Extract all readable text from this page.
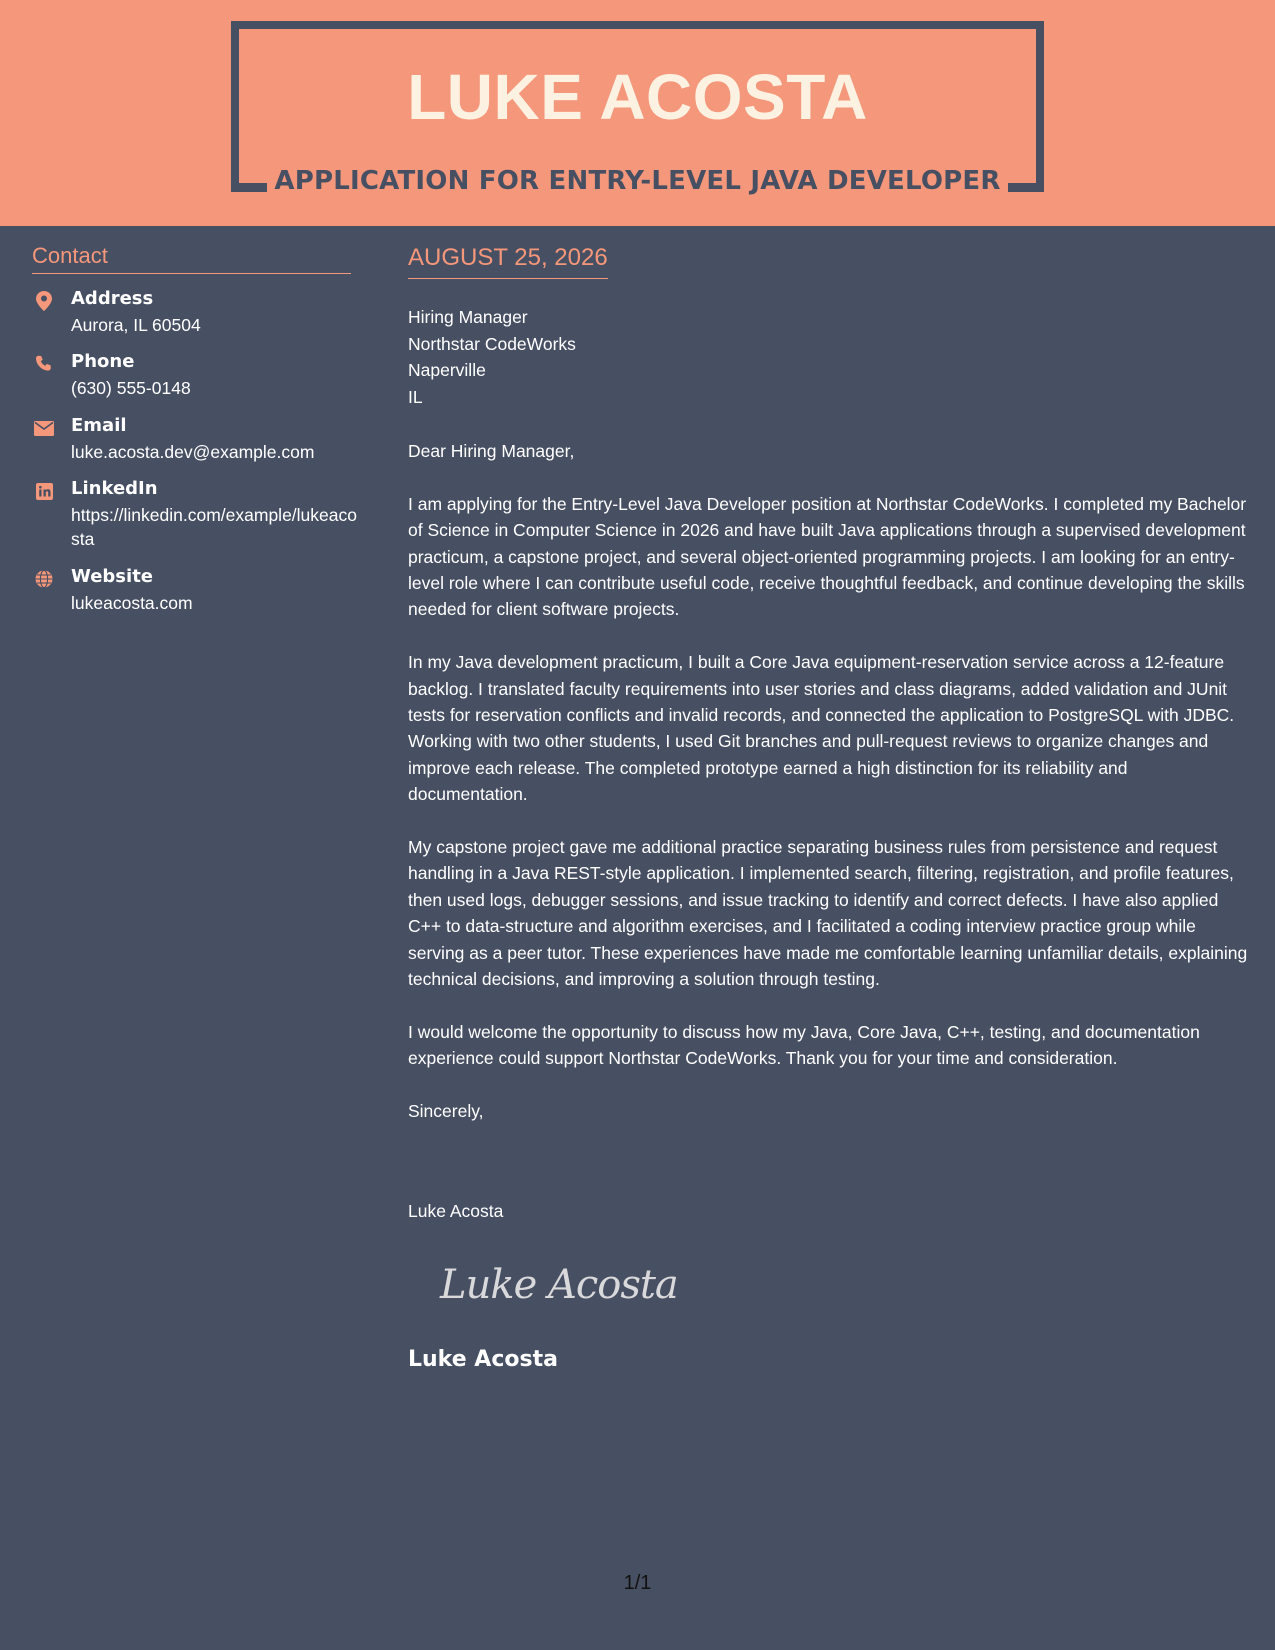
LUKE ACOSTA
APPLICATION FOR ENTRY-LEVEL JAVA DEVELOPER
Contact
Address
Aurora, IL 60504
Phone
(630) 555-0148
Email
luke.acosta.dev@example.com
LinkedIn
https://linkedin.com/example/lukeacosta
Website
lukeacosta.com
AUGUST 25, 2026
Hiring Manager
Northstar CodeWorks
Naperville
IL

Dear Hiring Manager,

I am applying for the Entry-Level Java Developer position at Northstar CodeWorks. I completed my Bachelor of Science in Computer Science in 2026 and have built Java applications through a supervised development practicum, a capstone project, and several object-oriented programming projects. I am looking for an entry-level role where I can contribute useful code, receive thoughtful feedback, and continue developing the skills needed for client software projects.

In my Java development practicum, I built a Core Java equipment-reservation service across a 12-feature backlog. I translated faculty requirements into user stories and class diagrams, added validation and JUnit tests for reservation conflicts and invalid records, and connected the application to PostgreSQL with JDBC. Working with two other students, I used Git branches and pull-request reviews to organize changes and improve each release. The completed prototype earned a high distinction for its reliability and documentation.

My capstone project gave me additional practice separating business rules from persistence and request handling in a Java REST-style application. I implemented search, filtering, registration, and profile features, then used logs, debugger sessions, and issue tracking to identify and correct defects. I have also applied C++ to data-structure and algorithm exercises, and I facilitated a coding interview practice group while serving as a peer tutor. These experiences have made me comfortable learning unfamiliar details, explaining technical decisions, and improving a solution through testing.

I would welcome the opportunity to discuss how my Java, Core Java, C++, testing, and documentation experience could support Northstar CodeWorks. Thank you for your time and consideration.

Sincerely,

Luke Acosta
Luke Acosta
Luke Acosta
1/1
